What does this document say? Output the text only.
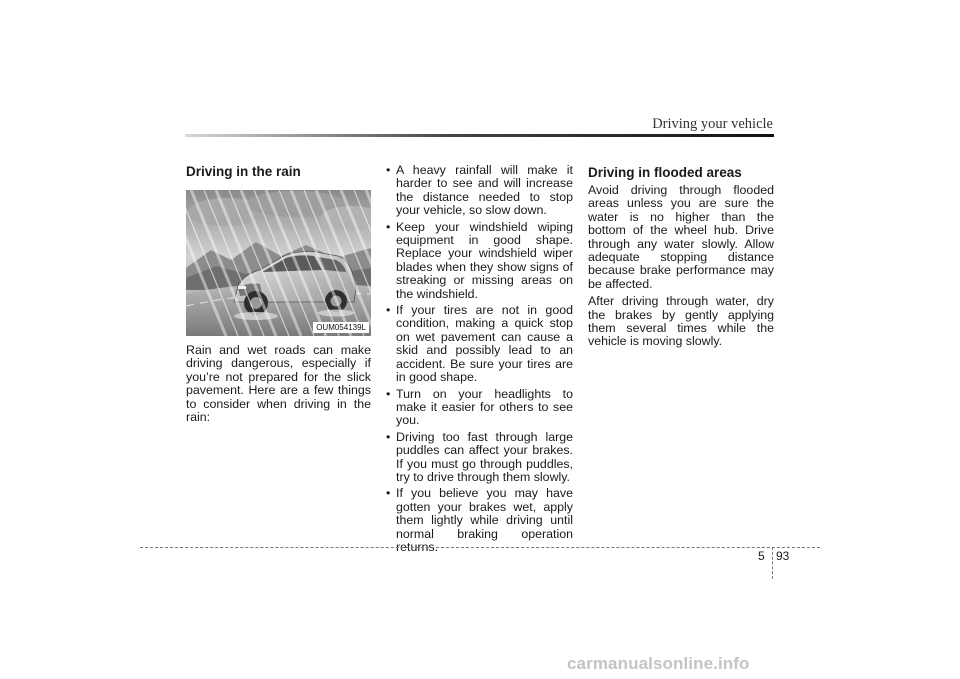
Driving your vehicle
Driving in the rain
OUM054139L

Rain and wet roads can make driving dangerous, especially if you’re not prepared for the slick pavement. Here are a few things to consider when driving in the rain:

• A heavy rainfall will make it harder to see and will increase the distance needed to stop your vehicle, so slow down.
• Keep your windshield wiping equipment in good shape. Replace your windshield wiper blades when they show signs of streaking or missing areas on the windshield.
• If your tires are not in good condition, making a quick stop on wet pavement can cause a skid and possibly lead to an accident. Be sure your tires are in good shape.
• Turn on your headlights to make it easier for others to see you.
• Driving too fast through large puddles can affect your brakes. If you must go through puddles, try to drive through them slowly.
• If you believe you may have gotten your brakes wet, apply them lightly while driving until normal braking operation returns.
Driving in flooded areas

Avoid driving through flooded areas unless you are sure the water is no higher than the bottom of the wheel hub. Drive through any water slowly. Allow adequate stopping distance because brake performance may be affected.

After driving through water, dry the brakes by gently applying them several times while the vehicle is moving slowly.

5 93
carmanualsonline.info
